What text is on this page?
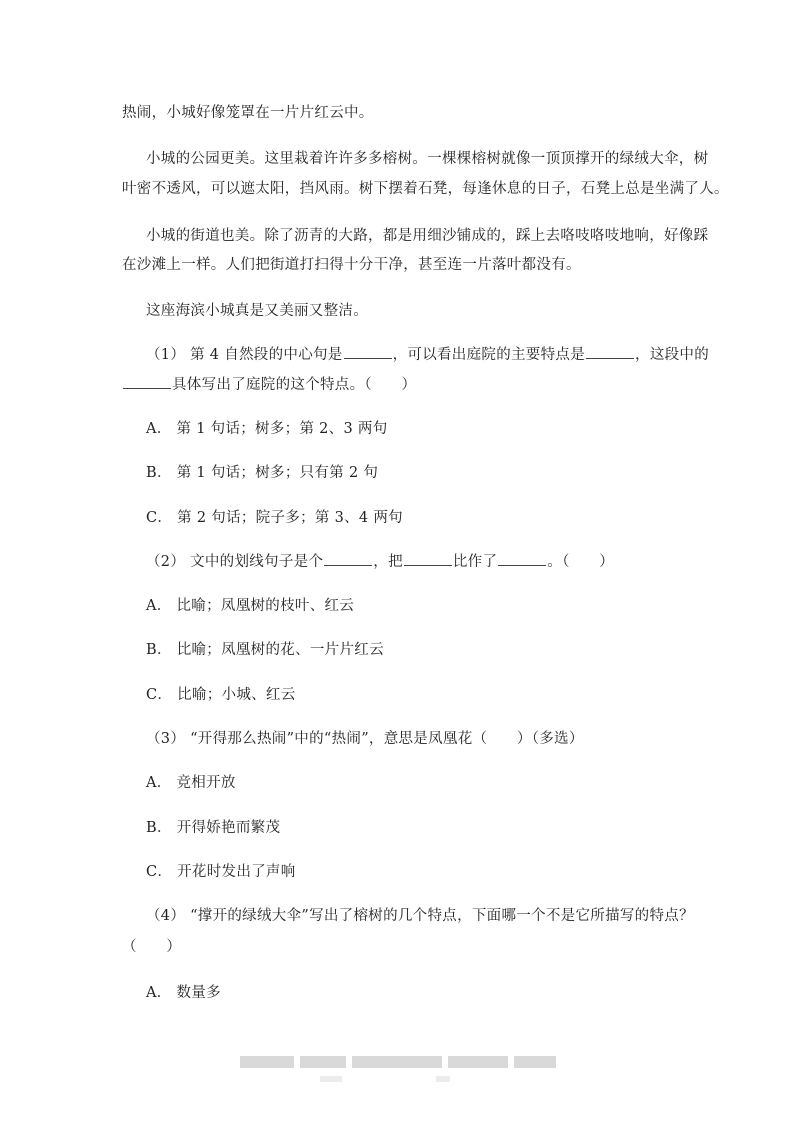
热闹，小城好像笼罩在一片片红云中。
小城的公园更美。这里栽着许许多多榕树。一棵棵榕树就像一顶顶撑开的绿绒大伞，树
叶密不透风，可以遮太阳，挡风雨。树下摆着石凳，每逢休息的日子，石凳上总是坐满了人。
小城的街道也美。除了沥青的大路，都是用细沙铺成的，踩上去咯吱咯吱地响，好像踩
在沙滩上一样。人们把街道打扫得十分干净，甚至连一片落叶都没有。
这座海滨小城真是又美丽又整洁。
（1） 第 4 自然段的中心句是	，可以看出庭院的主要特点是	，这段中的
具体写出了庭院的这个特点。（　　）
A． 第 1 句话；树多；第 2、3 两句
B． 第 1 句话；树多；只有第 2 句
C． 第 2 句话；院子多；第 3、4 两句
（2） 文中的划线句子是个	，把	比作了	。（　　）
A． 比喻；凤凰树的枝叶、红云
B． 比喻；凤凰树的花、一片片红云
C． 比喻；小城、红云
（3） “开得那么热闹”中的“热闹”，意思是凤凰花（　　）（多选）
A． 竞相开放
B． 开得娇艳而繁茂
C． 开花时发出了声响
（4） “撑开的绿绒大伞”写出了榕树的几个特点，下面哪一个不是它所描写的特点？
（　　）
A． 数量多
